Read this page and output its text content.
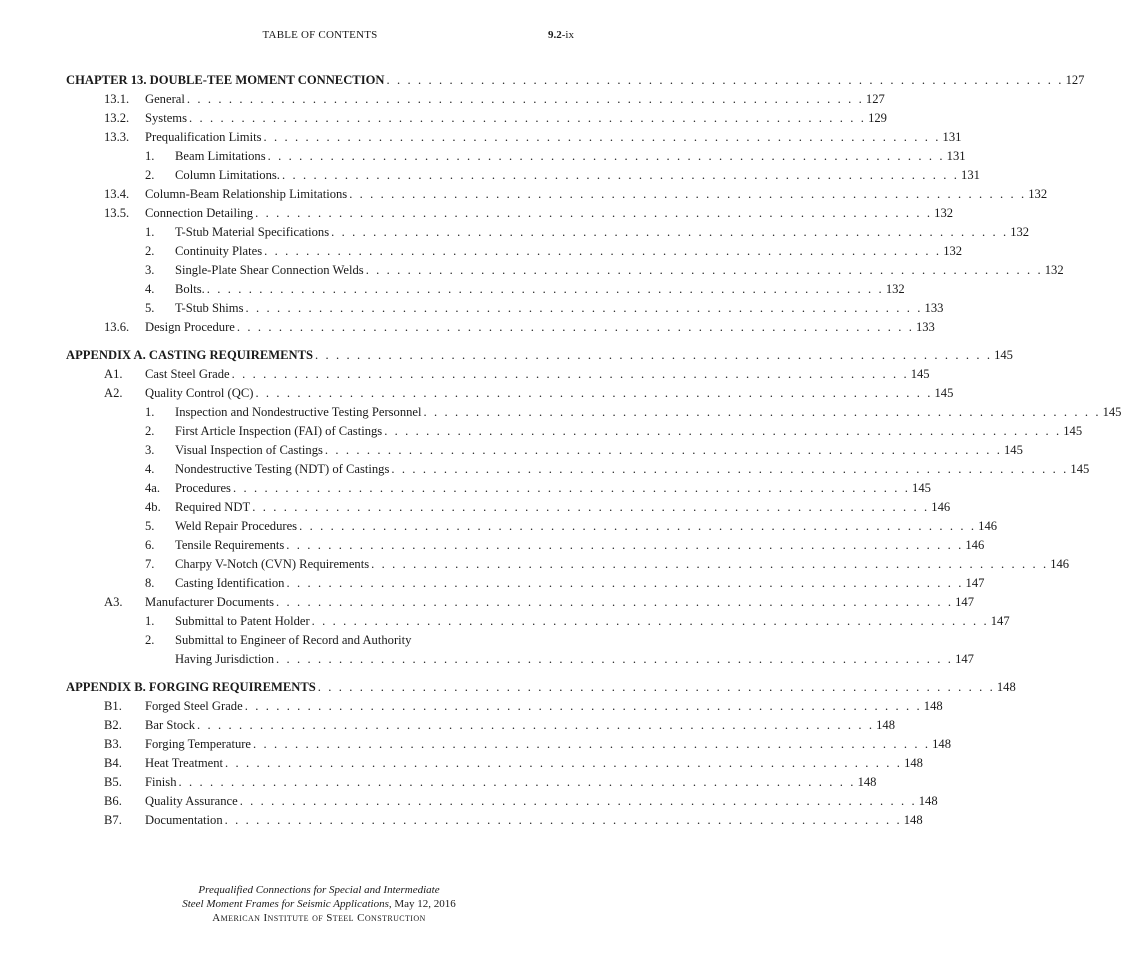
TABLE OF CONTENTS	9.2-ix
CHAPTER 13. DOUBLE-TEE MOMENT CONNECTION . . . . . . . . . . . . . . . . . . . . . . . . . . . . . . . . . . . . . . . . . . . . . . . . . . . . . . . . . . . . . . . . . 127
13.1. General . . . . . . . . . . . . . . . . . . . . . . . . . . . . . . . . . . . . . . . . . . . . . . . . . . . . . . . . . . . . . . . . . 127
13.2. Systems . . . . . . . . . . . . . . . . . . . . . . . . . . . . . . . . . . . . . . . . . . . . . . . . . . . . . . . . . . . . . . . . . 129
13.3. Prequalification Limits . . . . . . . . . . . . . . . . . . . . . . . . . . . . . . . . . . . . . . . . . . . . . . . . . . . . . . . . . . . . . . . . . 131
1. Beam Limitations . . . . . . . . . . . . . . . . . . . . . . . . . . . . . . . . . . . . . . . . . . . . . . . . . . . . . . . . . . . . . . . . . 131
2. Column Limitations. . . . . . . . . . . . . . . . . . . . . . . . . . . . . . . . . . . . . . . . . . . . . . . . . . . . . . . . . . . . . . . . . . 131
13.4. Column-Beam Relationship Limitations . . . . . . . . . . . . . . . . . . . . . . . . . . . . . . . . . . . . . . . . . . . . . . . . . . . . . . . . . . . . . . . . . 132
13.5. Connection Detailing . . . . . . . . . . . . . . . . . . . . . . . . . . . . . . . . . . . . . . . . . . . . . . . . . . . . . . . . . . . . . . . . . 132
1. T-Stub Material Specifications . . . . . . . . . . . . . . . . . . . . . . . . . . . . . . . . . . . . . . . . . . . . . . . . . . . . . . . . . . . . . . . . . 132
2. Continuity Plates . . . . . . . . . . . . . . . . . . . . . . . . . . . . . . . . . . . . . . . . . . . . . . . . . . . . . . . . . . . . . . . . . 132
3. Single-Plate Shear Connection Welds . . . . . . . . . . . . . . . . . . . . . . . . . . . . . . . . . . . . . . . . . . . . . . . . . . . . . . . . . . . . . . . . . 132
4. Bolts. . . . . . . . . . . . . . . . . . . . . . . . . . . . . . . . . . . . . . . . . . . . . . . . . . . . . . . . . . . . . . . . . . 132
5. T-Stub Shims . . . . . . . . . . . . . . . . . . . . . . . . . . . . . . . . . . . . . . . . . . . . . . . . . . . . . . . . . . . . . . . . . 133
13.6. Design Procedure . . . . . . . . . . . . . . . . . . . . . . . . . . . . . . . . . . . . . . . . . . . . . . . . . . . . . . . . . . . . . . . . . 133
APPENDIX A. CASTING REQUIREMENTS . . . . . . . . . . . . . . . . . . . . . . . . . . . . . . . . . . . . . . . . . . . . . . . . . . . . . . . . . . . . . . . . . 145
A1. Cast Steel Grade . . . . . . . . . . . . . . . . . . . . . . . . . . . . . . . . . . . . . . . . . . . . . . . . . . . . . . . . . . . . . . . . . 145
A2. Quality Control (QC) . . . . . . . . . . . . . . . . . . . . . . . . . . . . . . . . . . . . . . . . . . . . . . . . . . . . . . . . . . . . . . . . . 145
1. Inspection and Nondestructive Testing Personnel . . . . . . . . . . . . . . . . . . . . . . . . . . . . . . . . . . . . . . . . . . . . . . . . . . . . . . . . . . . . . . . . . 145
2. First Article Inspection (FAI) of Castings . . . . . . . . . . . . . . . . . . . . . . . . . . . . . . . . . . . . . . . . . . . . . . . . . . . . . . . . . . . . . . . . . 145
3. Visual Inspection of Castings . . . . . . . . . . . . . . . . . . . . . . . . . . . . . . . . . . . . . . . . . . . . . . . . . . . . . . . . . . . . . . . . . 145
4. Nondestructive Testing (NDT) of Castings . . . . . . . . . . . . . . . . . . . . . . . . . . . . . . . . . . . . . . . . . . . . . . . . . . . . . . . . . . . . . . . . . 145
4a. Procedures . . . . . . . . . . . . . . . . . . . . . . . . . . . . . . . . . . . . . . . . . . . . . . . . . . . . . . . . . . . . . . . . . 145
4b. Required NDT . . . . . . . . . . . . . . . . . . . . . . . . . . . . . . . . . . . . . . . . . . . . . . . . . . . . . . . . . . . . . . . . . 146
5. Weld Repair Procedures . . . . . . . . . . . . . . . . . . . . . . . . . . . . . . . . . . . . . . . . . . . . . . . . . . . . . . . . . . . . . . . . . 146
6. Tensile Requirements . . . . . . . . . . . . . . . . . . . . . . . . . . . . . . . . . . . . . . . . . . . . . . . . . . . . . . . . . . . . . . . . . 146
7. Charpy V-Notch (CVN) Requirements . . . . . . . . . . . . . . . . . . . . . . . . . . . . . . . . . . . . . . . . . . . . . . . . . . . . . . . . . . . . . . . . . 146
8. Casting Identification . . . . . . . . . . . . . . . . . . . . . . . . . . . . . . . . . . . . . . . . . . . . . . . . . . . . . . . . . . . . . . . . . 147
A3. Manufacturer Documents . . . . . . . . . . . . . . . . . . . . . . . . . . . . . . . . . . . . . . . . . . . . . . . . . . . . . . . . . . . . . . . . . 147
1. Submittal to Patent Holder . . . . . . . . . . . . . . . . . . . . . . . . . . . . . . . . . . . . . . . . . . . . . . . . . . . . . . . . . . . . . . . . . 147
2. Submittal to Engineer of Record and Authority
Having Jurisdiction . . . . . . . . . . . . . . . . . . . . . . . . . . . . . . . . . . . . . . . . . . . . . . . . . . . . . . . . . . . . . . . . . 147
APPENDIX B. FORGING REQUIREMENTS . . . . . . . . . . . . . . . . . . . . . . . . . . . . . . . . . . . . . . . . . . . . . . . . . . . . . . . . . . . . . . . . . 148
B1. Forged Steel Grade . . . . . . . . . . . . . . . . . . . . . . . . . . . . . . . . . . . . . . . . . . . . . . . . . . . . . . . . . . . . . . . . . 148
B2. Bar Stock . . . . . . . . . . . . . . . . . . . . . . . . . . . . . . . . . . . . . . . . . . . . . . . . . . . . . . . . . . . . . . . . . 148
B3. Forging Temperature . . . . . . . . . . . . . . . . . . . . . . . . . . . . . . . . . . . . . . . . . . . . . . . . . . . . . . . . . . . . . . . . . 148
B4. Heat Treatment . . . . . . . . . . . . . . . . . . . . . . . . . . . . . . . . . . . . . . . . . . . . . . . . . . . . . . . . . . . . . . . . . 148
B5. Finish . . . . . . . . . . . . . . . . . . . . . . . . . . . . . . . . . . . . . . . . . . . . . . . . . . . . . . . . . . . . . . . . . 148
B6. Quality Assurance . . . . . . . . . . . . . . . . . . . . . . . . . . . . . . . . . . . . . . . . . . . . . . . . . . . . . . . . . . . . . . . . . 148
B7. Documentation . . . . . . . . . . . . . . . . . . . . . . . . . . . . . . . . . . . . . . . . . . . . . . . . . . . . . . . . . . . . . . . . . 148
Prequalified Connections for Special and Intermediate
Steel Moment Frames for Seismic Applications, May 12, 2016
American Institute of Steel Construction
